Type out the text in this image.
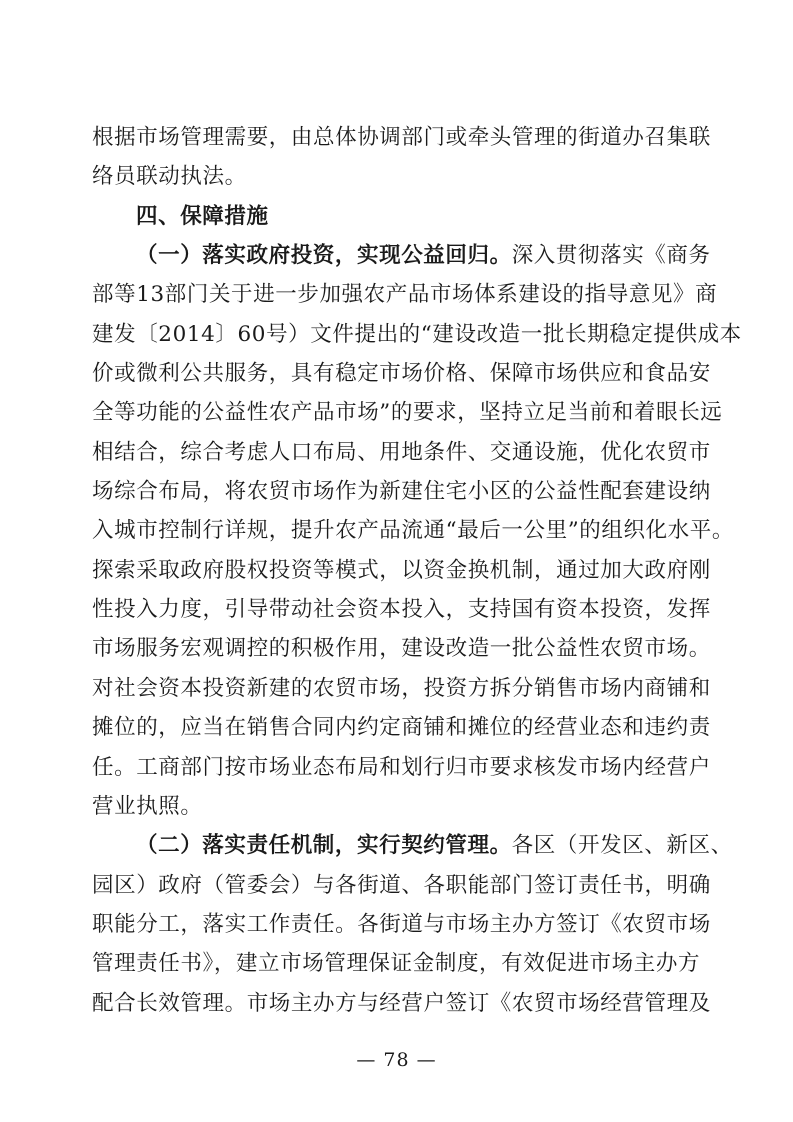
根据市场管理需要，由总体协调部门或牵头管理的街道办召集联
络员联动执法。
四、保障措施
（一）落实政府投资，实现公益回归。深入贯彻落实《商务
部等13部门关于进一步加强农产品市场体系建设的指导意见》商
建发〔2014〕60号）文件提出的“建设改造一批长期稳定提供成本
价或微利公共服务，具有稳定市场价格、保障市场供应和食品安
全等功能的公益性农产品市场”的要求，坚持立足当前和着眼长远
相结合，综合考虑人口布局、用地条件、交通设施，优化农贸市
场综合布局，将农贸市场作为新建住宅小区的公益性配套建设纳
入城市控制行详规，提升农产品流通“最后一公里”的组织化水平。
探索采取政府股权投资等模式，以资金换机制，通过加大政府刚
性投入力度，引导带动社会资本投入，支持国有资本投资，发挥
市场服务宏观调控的积极作用，建设改造一批公益性农贸市场。
对社会资本投资新建的农贸市场，投资方拆分销售市场内商铺和
摊位的，应当在销售合同内约定商铺和摊位的经营业态和违约责
任。工商部门按市场业态布局和划行归市要求核发市场内经营户
营业执照。
（二）落实责任机制，实行契约管理。各区（开发区、新区、
园区）政府（管委会）与各街道、各职能部门签订责任书，明确
职能分工，落实工作责任。各街道与市场主办方签订《农贸市场
管理责任书》，建立市场管理保证金制度，有效促进市场主办方
配合长效管理。市场主办方与经营户签订《农贸市场经营管理及
— 78 —
